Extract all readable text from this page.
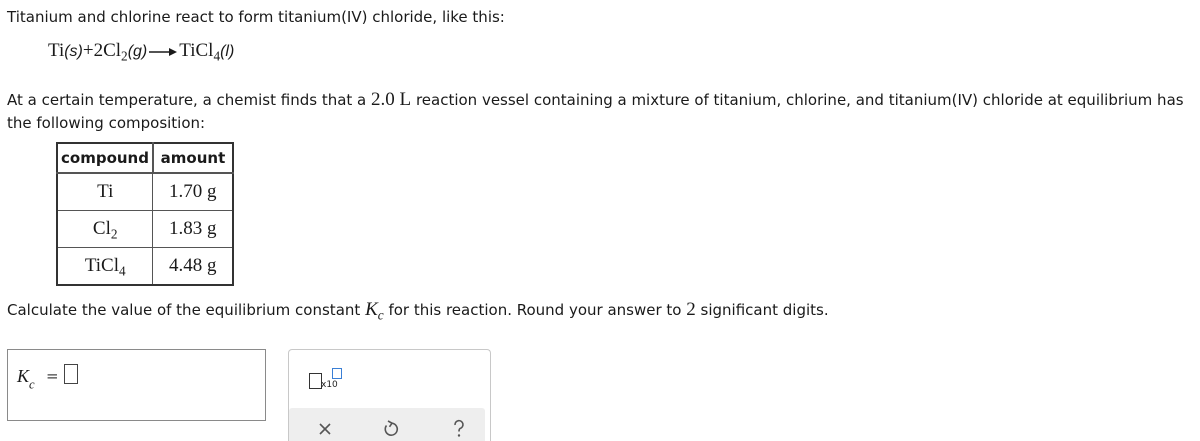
Titanium and chlorine react to form titanium(IV) chloride, like this:
$Ti(s)+2Cl_2(g)\to TiCl_4(l)$
At a certain temperature, a chemist finds that a 2.0 L reaction vessel containing a mixture of titanium, chlorine, and titanium(IV) chloride at equilibrium has the following composition:
compound	amount
Ti	1.70 g
$Cl_2$	1.83 g
TiCl$_4$	4.48 g
Calculate the value of the equilibrium constant $K_c$ for this reaction. Round your answer to 2 significant digits.
$K_c$ =	x10
